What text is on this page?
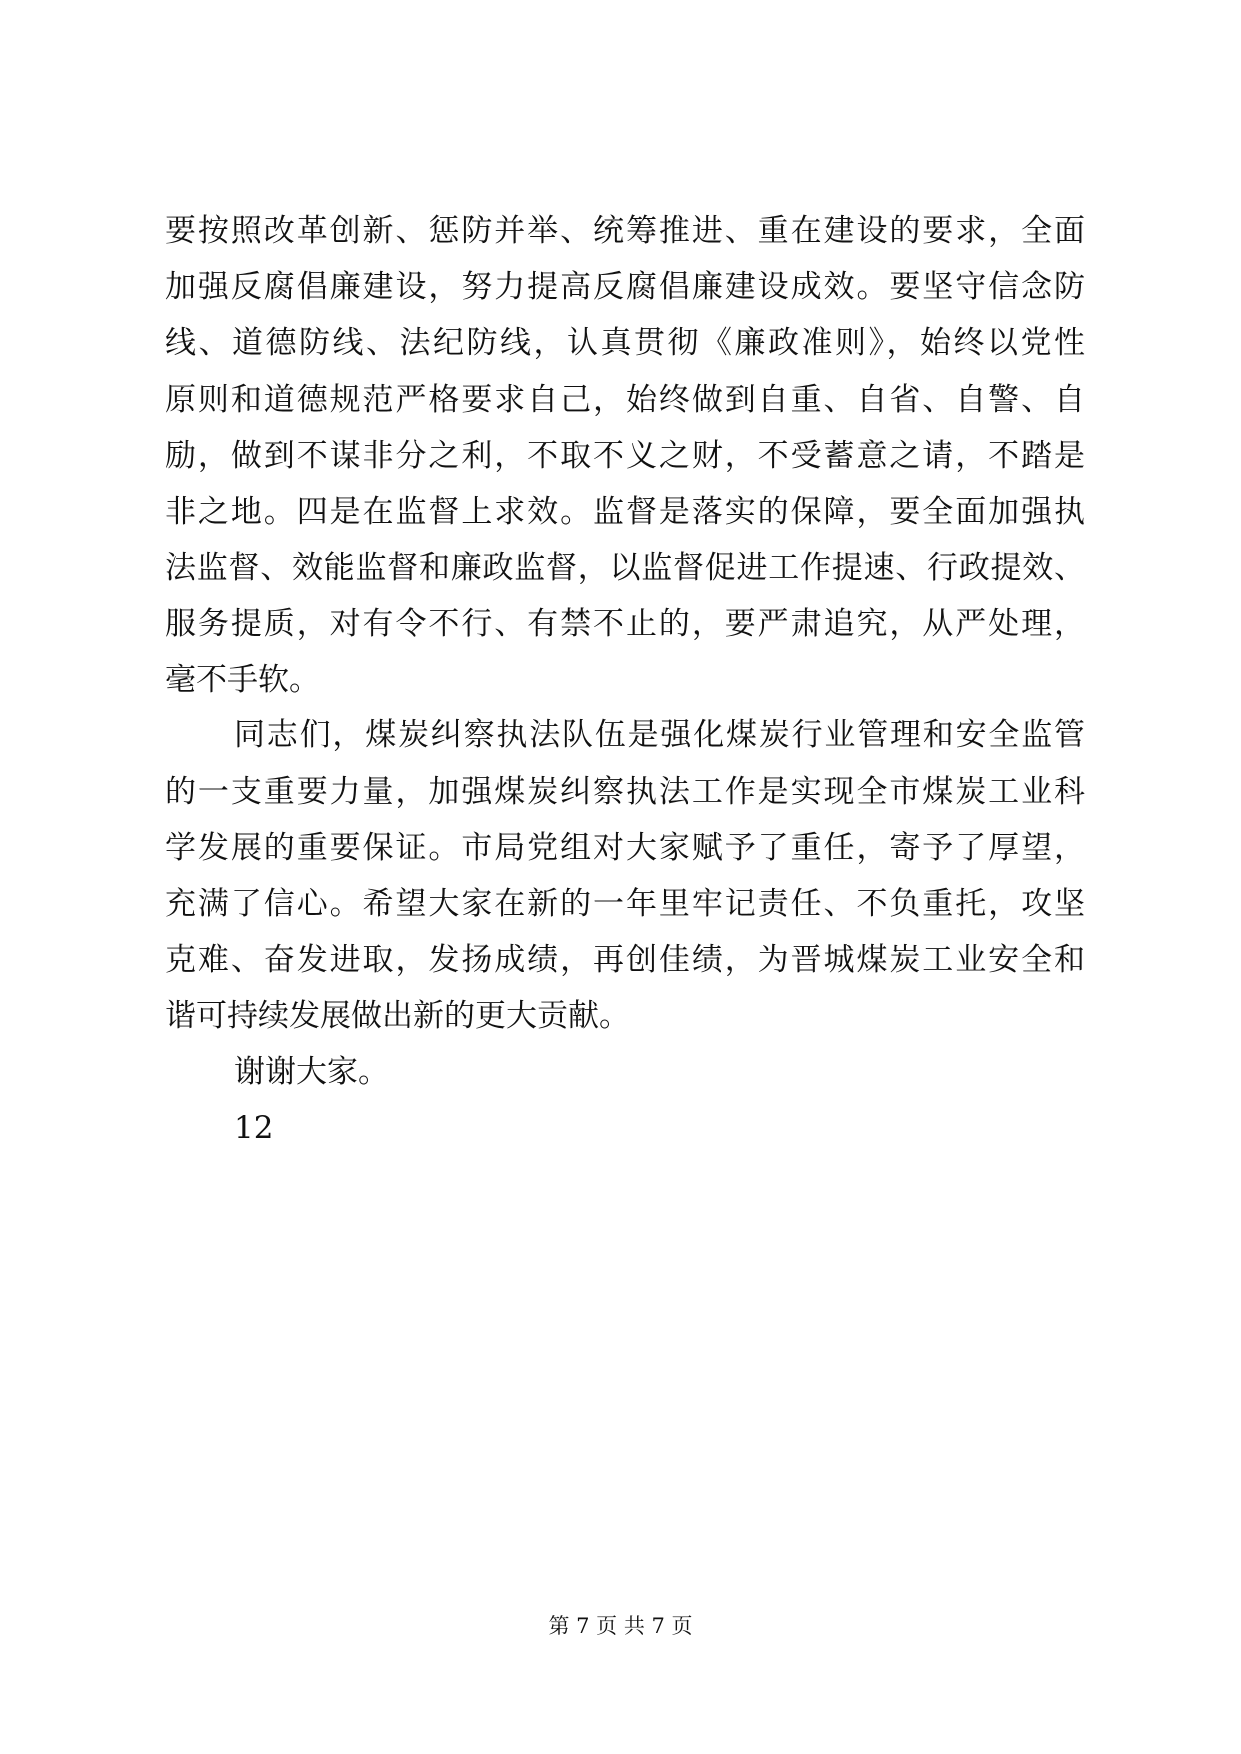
要按照改革创新、惩防并举、统筹推进、重在建设的要求，全面
加强反腐倡廉建设，努力提高反腐倡廉建设成效。要坚守信念防
线、道德防线、法纪防线，认真贯彻《廉政准则》，始终以党性
原则和道德规范严格要求自己，始终做到自重、自省、自警、自
励，做到不谋非分之利，不取不义之财，不受蓄意之请，不踏是
非之地。四是在监督上求效。监督是落实的保障，要全面加强执
法监督、效能监督和廉政监督，以监督促进工作提速、行政提效、
服务提质，对有令不行、有禁不止的，要严肃追究，从严处理，
毫不手软。
同志们，煤炭纠察执法队伍是强化煤炭行业管理和安全监管
的一支重要力量，加强煤炭纠察执法工作是实现全市煤炭工业科
学发展的重要保证。市局党组对大家赋予了重任，寄予了厚望，
充满了信心。希望大家在新的一年里牢记责任、不负重托，攻坚
克难、奋发进取，发扬成绩，再创佳绩，为晋城煤炭工业安全和
谐可持续发展做出新的更大贡献。
谢谢大家。
12
第 7 页 共 7 页
